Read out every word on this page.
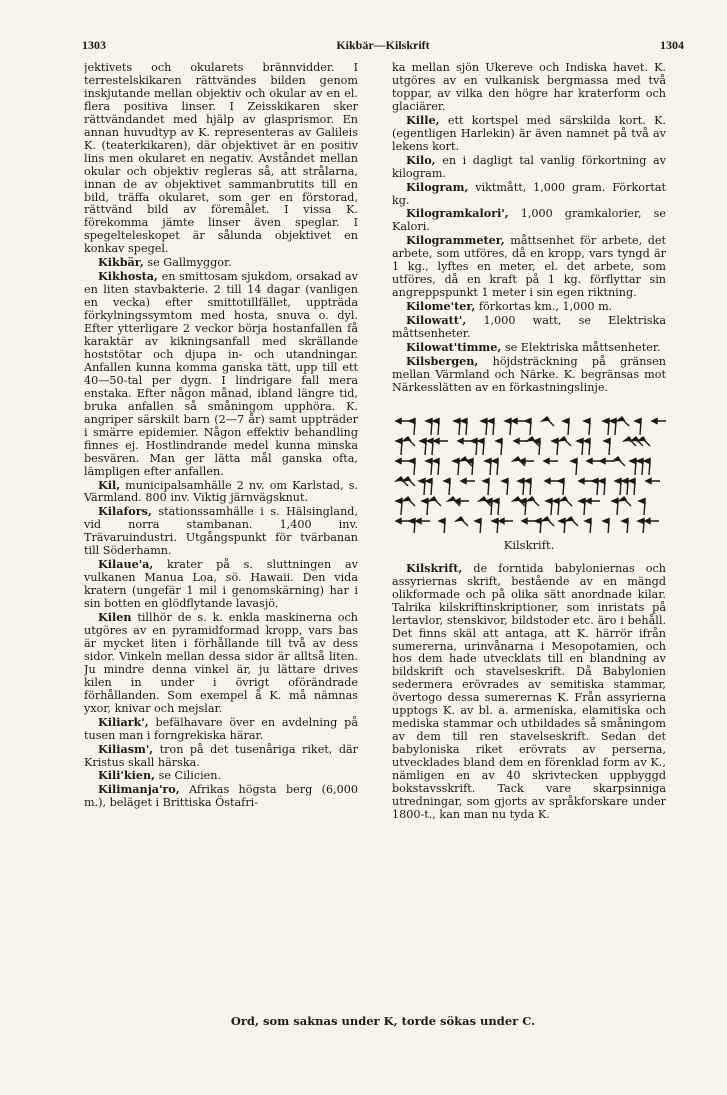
1303	Kikbär—Kilskrift	1304

jektivets och okularets brännvidder. I terrestelskikaren rättvändes bilden genom inskjutande mellan objektiv och okular av en el. flera positiva linser. I Zeisskikaren sker rättvändandet med hjälp av glasprismor. En annan huvudtyp av K. representeras av Galileis K. (teaterkikaren), där objektivet är en positiv lins men okularet en negativ. Avståndet mellan okular och objektiv regleras så, att strålarna, innan de av objektivet sammanbrutits till en bild, träffa okularet, som ger en förstorad, rättvänd bild av föremålet. I vissa K. förekomma jämte linser även speglar. I spegelteleskopet är sålunda objektivet en konkav spegel.

Kikbär, se Gallmyggor.

Kikhosta, en smittosam sjukdom, orsakad av en liten stavbakterie. 2 till 14 dagar (vanligen en vecka) efter smittotillfället, uppträda förkylningssymtom med hosta, snuva o. dyl. Efter ytterligare 2 veckor börja hostanfallen få karaktär av kikningsanfall med skrällande hoststötar och djupa in- och utandningar. Anfallen kunna komma ganska tätt, upp till ett 40—50-tal per dygn. I lindrigare fall mera enstaka. Efter någon månad, ibland längre tid, bruka anfallen så småningom upphöra. K. angriper särskilt barn (2—7 år) samt uppträder i smärre epidemier. Någon effektiv behandling finnes ej. Hostlindrande medel kunna minska besvären. Man ger lätta mål ganska ofta, lämpligen efter anfallen.

Kil, municipalsamhälle 2 nv. om Karlstad, s. Värmland. 800 inv. Viktig järnvägsknut.

Kilafors, stationssamhälle i s. Hälsingland, vid norra stambanan. 1,400 inv. Trävaruindustri. Utgångspunkt för tvärbanan till Söderhamn.

Kilaue'a, krater på s. sluttningen av vulkanen Manua Loa, sö. Hawaii. Den vida kratern (ungefär 1 mil i genomskärning) har i sin botten en glödflytande lavasjö.

Kilen tillhör de s. k. enkla maskinerna och utgöres av en pyramidformad kropp, vars bas är mycket liten i förhållande till två av dess sidor. Vinkeln mellan dessa sidor är alltså liten. Ju mindre denna vinkel är, ju lättare drives kilen in under i övrigt oförändrade förhållanden. Som exempel å K. må nämnas yxor, knivar och mejslar.

Kiliark', befälhavare över en avdelning på tusen man i forngrekiska härar.

Kiliasm', tron på det tusenåriga riket, där Kristus skall härska.

Kili'kien, se Cilicien.

Kilimanja'ro, Afrikas högsta berg (6,000 m.), beläget i Brittiska Östafri-

ka mellan sjön Ukereve och Indiska havet. K. utgöres av en vulkanisk bergmassa med två toppar, av vilka den högre har kraterform och glaciärer.

Kille, ett kortspel med särskilda kort. K. (egentligen Harlekin) är även namnet på två av lekens kort.

Kilo, en i dagligt tal vanlig förkortning av kilogram.

Kilogram, viktmått, 1,000 gram. Förkortat kg.

Kilogramkalori', 1,000 gramkalorier, se Kalori.

Kilogrammeter, måttsenhet för arbete, det arbete, som utföres, då en kropp, vars tyngd är 1 kg., lyftes en meter, el. det arbete, som utföres, då en kraft på 1 kg. förflyttar sin angreppspunkt 1 meter i sin egen riktning.

Kilome'ter, förkortas km., 1,000 m.

Kilowatt', 1,000 watt, se Elektriska måttsenheter.

Kilowat'timme, se Elektriska måttsenheter.

Kilsbergen, höjdsträckning på gränsen mellan Värmland och Närke. K. begränsas mot Närkesslätten av en förkastningslinje.

Kilskrift.

Kilskrift, de forntida babyloniernas och assyriernas skrift, bestående av en mängd olikformade och på olika sätt anordnade kilar. Talrika kilskriftinskriptioner, som inristats på lertavlor, stenskivor, bildstoder etc. äro i behåll. Det finns skäl att antaga, att K. härrör ifrån sumererna, urinvånarna i Mesopotamien, och hos dem hade utvecklats till en blandning av bildskrift och stavelseskrift. Då Babylonien sedermera erövrades av semitiska stammar, övertogo dessa sumerernas K. Från assyrierna upptogs K. av bl. a. armeniska, elamitiska och mediska stammar och utbildades så småningom av dem till ren stavelseskrift. Sedan det babyloniska riket erövrats av perserna, utvecklades bland dem en förenklad form av K., nämligen en av 40 skrivtecken uppbyggd bokstavsskrift. Tack vare skarpsinniga utredningar, som gjorts av språkforskare under 1800-t., kan man nu tyda K.

Ord, som saknas under K, torde sökas under C.
